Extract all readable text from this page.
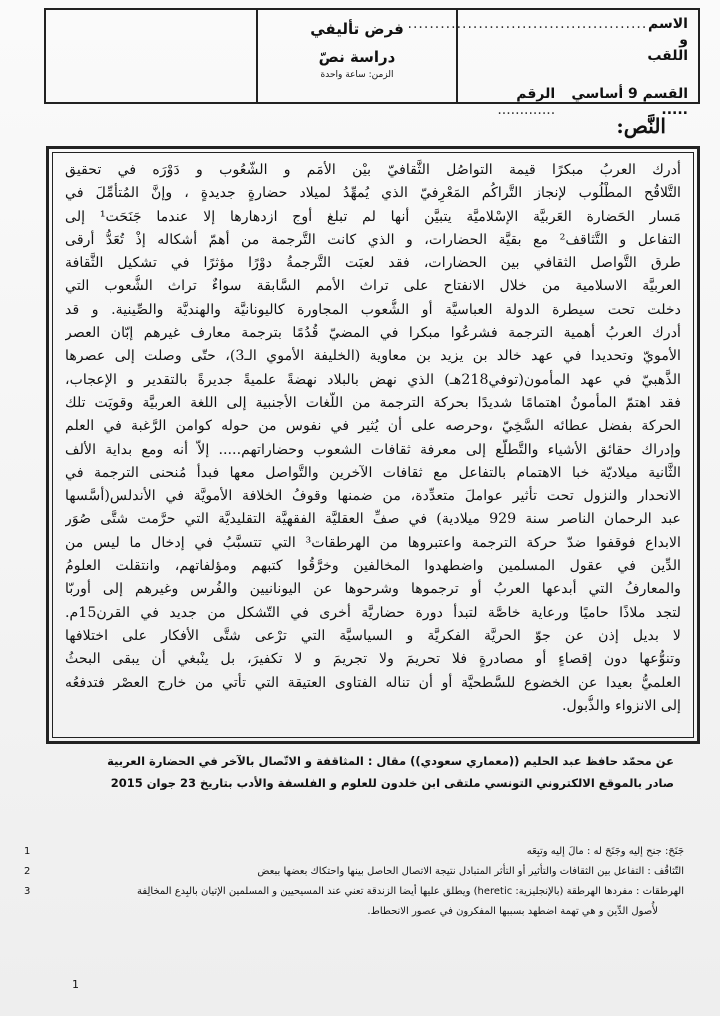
الاسم و اللقب
............................................
القسم 9 أساسي .....
الرقم .............
فرض تأليفي
دراسة نصّ
الزمن: ساعة واحدة
النَّص:
أدرك العربُ مبكرًا قيمة التواصُل الثَّقافيّ بيْن الأمَم و الشّعُوب و دَوْرَه في تحقيق
التَّلاقُح المطْلُوب لإنجاز التَّراكُم المَعْرِفيّ الذي يُمهِّدُ لميلاد حضارةٍ جديدةٍ ، وإنَّ المُتأمِّلَ في
مَسار الحَضارة العَربيَّة الإسْلاميَّة يتبيَّن أنها لم تبلغ أوج ازدهارها إلا عندما جَنَحَت¹ إلى
التفاعل و التَّثاقف² مع بقيَّة الحضارات، و الذي كانت التَّرجمة من أهمّ أشكاله إذْ تُعَدُّ أرقى
طرق التَّواصل الثقافي بين الحضارات، فقد لعبَت التَّرجمةُ دوْرًا مؤثرًا في تشكيل الثَّقافة
العربيَّة الاسلامية من خلال الانفتاح على تراث الأمم السَّابقة سواءٌ تراث الشُّعوب التي
دخلت تحت سيطرة الدولة العباسيَّة أو الشُّعوب المجاورة كاليونانيَّة والهنديَّة والصِّينية. و قد
أدرك العربُ أهمية الترجمة فشرعُوا مبكرا في المضيّ قُدُمًا بترجمة معارف غيرهم إبّان العصر
الأمويّ وتحديدا في عهد خالد بن يزيد بن معاوية (الخليفة الأموي الـ3)، حتّى وصلت إلى عصرها
الذَّهبيّ في عهد المأمون(توفي218هـ) الذي نهض بالبلاد نهضةً علميةً جديرةً بالتقدير و الإعجاب،
فقد اهتمّ المأمونُ اهتمامًا شديدًا بحركة الترجمة من اللُّغات الأجنبية إلى اللغة العربيَّة وقويَت تلك
الحركة بفضل عطائه السَّخِيّ ،وحرصه على أن يُثير في نفوس من حوله كوامن الرَّغبة في العلم
وإدراك حقائق الأشياء والتَّطلُّع إلى معرفة ثقافات الشعوب وحضاراتهم..... إلاّ أنه ومع بداية الألف
الثَّانية ميلاديّة خبا الاهتمام بالتفاعل مع ثقافات الآخرين والتَّواصل معها فبدأ مُنحنى الترجمة في
الانحدار والنزول تحت تأثير عواملَ متعدِّدة، من ضمنها وقوفُ الخلافة الأمويَّة في الأندلس(أسَّسها
عبد الرحمان الناصر سنة 929 ميلادية) في صفِّ العقليَّة الفقهيَّة التقليديَّة التي حرَّمت شتَّى صُوَر
الابداع فوقفوا ضدّ حركة الترجمة واعتبروها من الهرطقات³ التي تتسبَّبُ في إدخال ما ليس من
الدِّين في عقول المسلمين واضطهدوا المخالفين وخرَّقُوا كتبهم ومؤلفاتهم، وانتقلت العلومُ
والمعارفُ التي أبدعها العربُ أو ترجموها وشرحوها عن اليونانيين والفُرس وغيرهم إلى أوربّا
لتجد ملاذًا حاميًا ورعاية خاصَّة لتبدأ دورة حضاريَّة أخرى في التّشكل من جديد في القرن15م.
لا بديل إذن عن جوّ الحريَّة الفكريَّة و السياسيَّة التي ترْعى شتَّى الأفكار على اختلافها
وتنوُّعها دون إقصاءٍ أو مصادرةٍ فلا تحريمَ ولا تجريمَ و لا تكفيرَ، بل ينْبغي أن يبقى البحثُ
العلميُّ بعيدا عن الخضوع للسَّطحيَّة أو أن تناله الفتاوى العتيقة التي تأتي من خارج العصْر فتدفعُه
إلى الانزواء والذُّبول.
عن محمّد حافظ عبد الحليم ((معماري سعودي)) مقال : المثاقفة و الاتّصال بالآخر في الحضارة العربية
صادر بالموقع الالكتروني التونسي ملتقى ابن خلدون للعلوم و الفلسفة والأدب بتاريخ 23 جوان 2015
جَنَحَ: جنح إليه وجَنَحَ له : مالَ إليه وتبِعَه
1
التّثاقُف : التفاعل بين الثقافات والتأثير أو التأثر المتبادل نتيجة الاتصال الحاصل بينها واحتكاك بعضها ببعض
2
الهرطقات : مفردها الهرطقة (بالإنجليزية: heretic) ويطلق عليها أيضا الزندقة تعني عند المسيحيين و المسلمين الإتيان بالبِدع المخالِفة
3
لأُصول الدِّين و هي تهمة اضطهد بسببها المفكرون في عصور الانحطاط.
1
